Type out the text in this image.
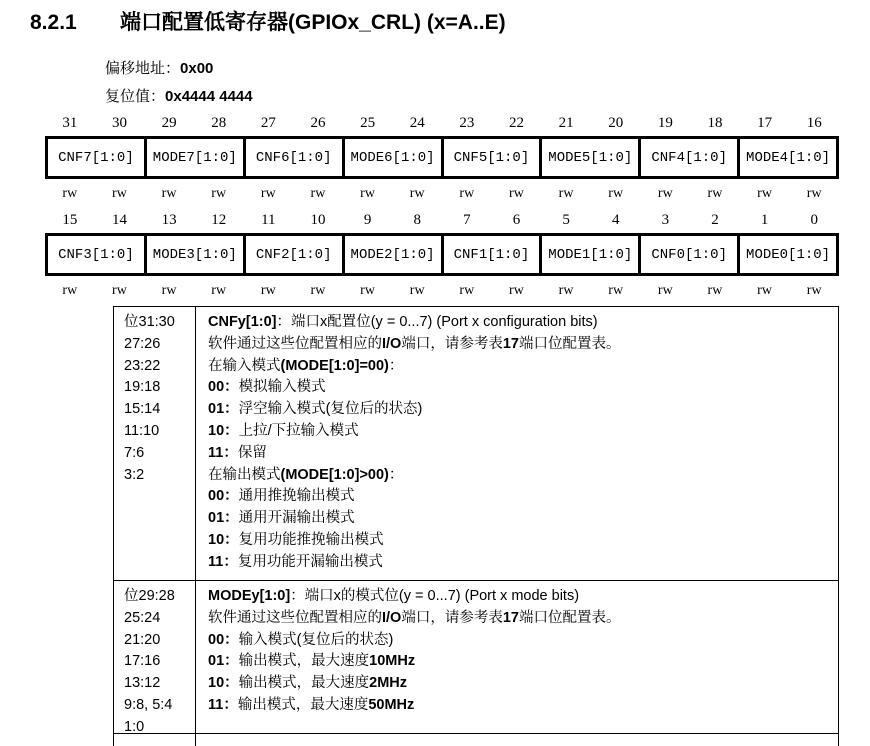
8.2.1 端口配置低寄存器(GPIOx_CRL) (x=A..E)
偏移地址：0x00
复位值：0x4444 4444
31	30	29	28	27	26	25	24	23	22	21	20	19	18	17	16
CNF7[1:0]	MODE7[1:0]	CNF6[1:0]	MODE6[1:0]	CNF5[1:0]	MODE5[1:0]	CNF4[1:0]	MODE4[1:0]
rw	rw	rw	rw	rw	rw	rw	rw	rw	rw	rw	rw	rw	rw	rw	rw
15	14	13	12	11	10	9	8	7	6	5	4	3	2	1	0
CNF3[1:0]	MODE3[1:0]	CNF2[1:0]	MODE2[1:0]	CNF1[1:0]	MODE1[1:0]	CNF0[1:0]	MODE0[1:0]
rw	rw	rw	rw	rw	rw	rw	rw	rw	rw	rw	rw	rw	rw	rw	rw
位31:30
27:26
23:22
19:18
15:14
11:10
7:6
3:2
CNFy[1:0]：端口x配置位(y = 0...7) (Port x configuration bits)
软件通过这些位配置相应的I/O端口，请参考表17端口位配置表。
在输入模式(MODE[1:0]=00)：
00：模拟输入模式
01：浮空输入模式(复位后的状态)
10：上拉/下拉输入模式
11：保留
在输出模式(MODE[1:0]>00)：
00：通用推挽输出模式
01：通用开漏输出模式
10：复用功能推挽输出模式
11：复用功能开漏输出模式
位29:28
25:24
21:20
17:16
13:12
9:8, 5:4
1:0
MODEy[1:0]：端口x的模式位(y = 0...7) (Port x mode bits)
软件通过这些位配置相应的I/O端口，请参考表17端口位配置表。
00：输入模式(复位后的状态)
01：输出模式，最大速度10MHz
10：输出模式，最大速度2MHz
11：输出模式，最大速度50MHz
